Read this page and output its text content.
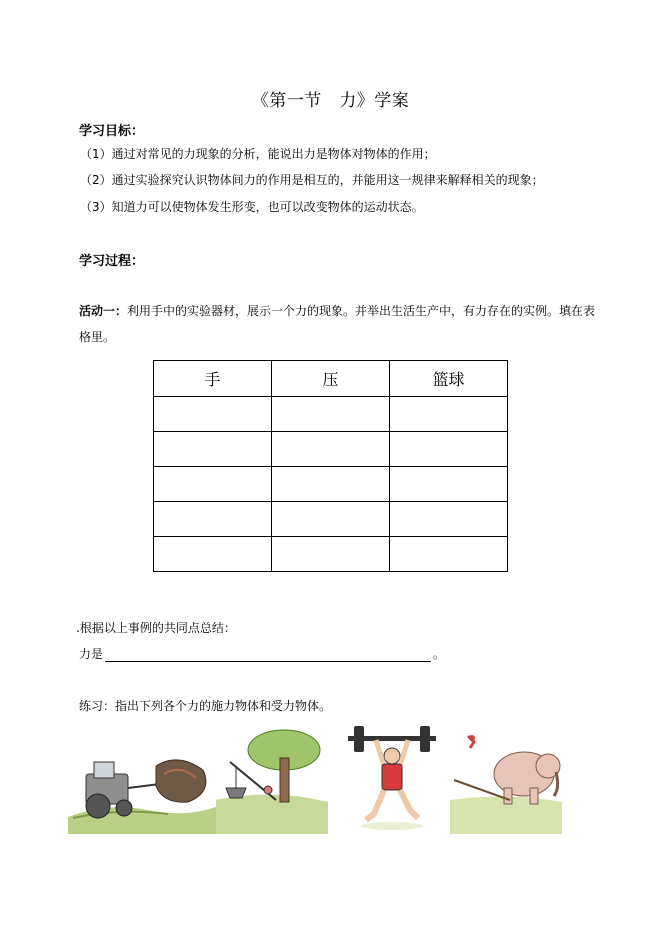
《第一节　力》学案
学习目标：
（1）通过对常见的力现象的分析，能说出力是物体对物体的作用；
（2）通过实验探究认识物体间力的作用是相互的，并能用这一规律来解释相关的现象；
（3）知道力可以使物体发生形变，也可以改变物体的运动状态。
学习过程：
活动一：利用手中的实验器材，展示一个力的现象。并举出生活生产中，有力存在的实例。填在表
格里。
手	压	篮球

.根据以上事例的共同点总结：
力是	。
练习：指出下列各个力的施力物体和受力物体。
